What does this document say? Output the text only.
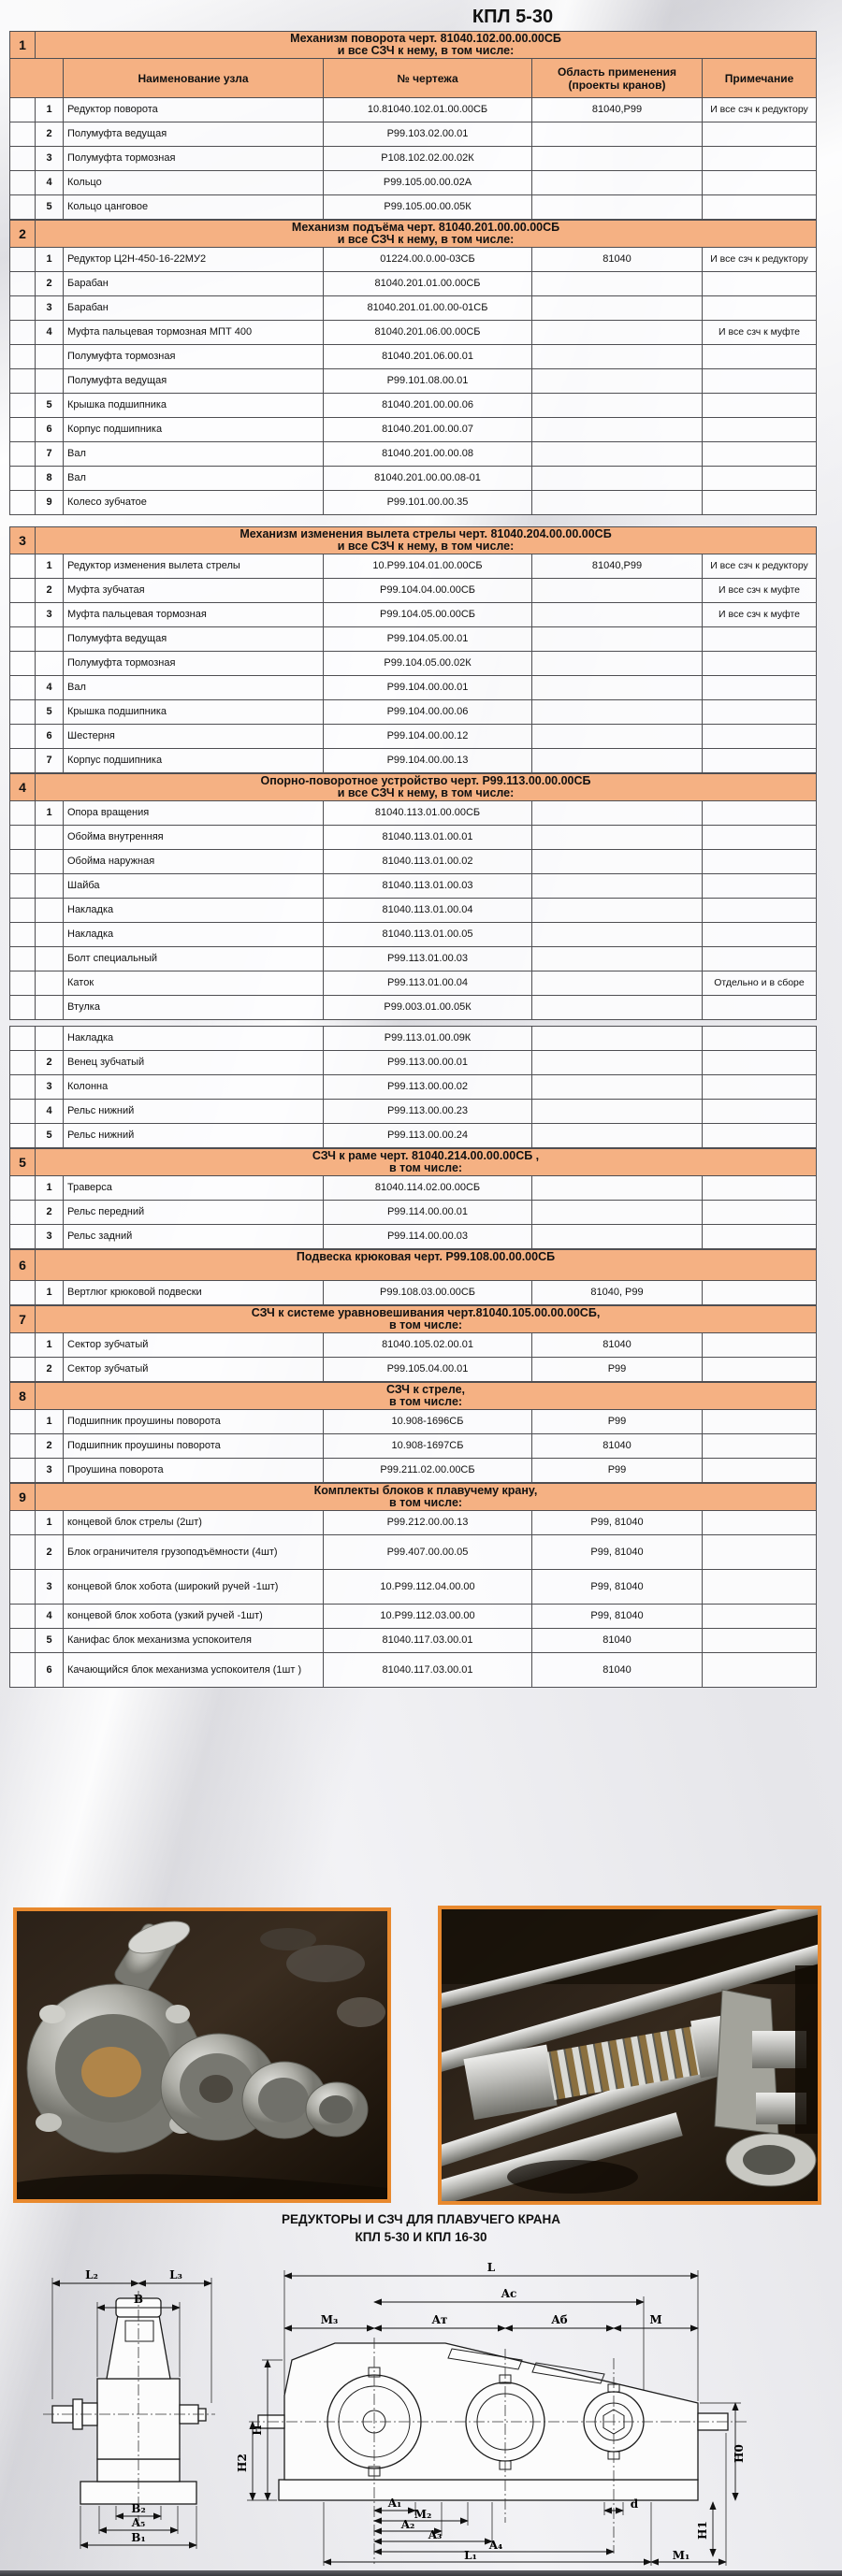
КПЛ 5-30
1	Механизм поворота черт. 81040.102.00.00.00СБ
и все СЗЧ к нему, в том числе:				

		Наименование узла	№ чертежа	Область применения
(проекты кранов)	Примечание
	1	Редуктор поворота	10.81040.102.01.00.00СБ	81040,Р99	И все сзч к редуктору
	2	Полумуфта ведущая	Р99.103.02.00.01		
	3	Полумуфта тормозная	Р108.102.02.00.02К		
	4	Кольцо	Р99.105.00.00.02А		
	5	Кольцо цанговое	Р99.105.00.00.05К		
2	Механизм подъёма черт. 81040.201.00.00.00СБ
и все СЗЧ к нему, в том числе:				

	1	Редуктор Ц2Н-450-16-22МУ2	01224.00.0.00-03СБ	81040	И все сзч к редуктору
	2	Барабан	81040.201.01.00.00СБ		
	3	Барабан	81040.201.01.00.00-01СБ		
	4	Муфта пальцевая тормозная МПТ 400	81040.201.06.00.00СБ		И все сзч к муфте
		Полумуфта тормозная	81040.201.06.00.01		
		Полумуфта ведущая	Р99.101.08.00.01		
	5	Крышка подшипника	81040.201.00.00.06		
	6	Корпус подшипника	81040.201.00.00.07		
	7	Вал	81040.201.00.00.08		
	8	Вал	81040.201.00.00.08-01		
	9	Колесо зубчатое	Р99.101.00.00.35		
3	Механизм изменения вылета стрелы черт. 81040.204.00.00.00СБ
и все СЗЧ к нему, в том числе:				

	1	Редуктор изменения вылета стрелы	10.Р99.104.01.00.00СБ	81040,Р99	И все сзч к редуктору
	2	Муфта зубчатая	Р99.104.04.00.00СБ		И все сзч к муфте
	3	Муфта пальцевая тормозная	Р99.104.05.00.00СБ		И все сзч к муфте
		Полумуфта ведущая	Р99.104.05.00.01		
		Полумуфта тормозная	Р99.104.05.00.02К		
	4	Вал	Р99.104.00.00.01		
	5	Крышка подшипника	Р99.104.00.00.06		
	6	Шестерня	Р99.104.00.00.12		
	7	Корпус подшипника	Р99.104.00.00.13		
4	Опорно-поворотное устройство черт. Р99.113.00.00.00СБ
и все СЗЧ к нему, в том числе:				

	1	Опора вращения	81040.113.01.00.00СБ		
		Обойма внутренняя	81040.113.01.00.01		
		Обойма наружная	81040.113.01.00.02		
		Шайба	81040.113.01.00.03		
		Накладка	81040.113.01.00.04		
		Накладка	81040.113.01.00.05		
		Болт специальный	Р99.113.01.00.03		
		Каток	Р99.113.01.00.04		Отдельно и в сборе
		Втулка	Р99.003.01.00.05К		
		Накладка	Р99.113.01.00.09К		
	2	Венец зубчатый	Р99.113.00.00.01		
	3	Колонна	Р99.113.00.00.02		
	4	Рельс нижний	Р99.113.00.00.23		
	5	Рельс нижний	Р99.113.00.00.24		
5	СЗЧ к раме черт. 81040.214.00.00.00СБ ,
в том числе:				

	1	Траверса	81040.114.02.00.00СБ		
	2	Рельс передний	Р99.114.00.00.01		
	3	Рельс задний	Р99.114.00.00.03		
6	Подвеска крюковая черт. Р99.108.00.00.00СБ				

	1	Вертлюг крюковой подвески	Р99.108.03.00.00СБ	81040, Р99	
7	СЗЧ к системе уравновешивания черт.81040.105.00.00.00СБ,
в том числе:				

	1	Сектор зубчатый	81040.105.02.00.01	81040	
	2	Сектор зубчатый	Р99.105.04.00.01	Р99	
8	СЗЧ к стреле,
в том числе:				

	1	Подшипник проушины поворота	10.908-1696СБ	Р99	
	2	Подшипник проушины поворота	10.908-1697СБ	81040	
	3	Проушина поворота	Р99.211.02.00.00СБ	Р99	
9	Комплекты блоков к плавучему крану,
в том числе:				

	1	концевой блок стрелы (2шт)	Р99.212.00.00.13	Р99, 81040	
	2	Блок ограничителя грузоподъёмности (4шт)	Р99.407.00.00.05	Р99, 81040	
	3	концевой блок хобота (широкий ручей -1шт)	10.Р99.112.04.00.00	Р99, 81040	
	4	концевой блок хобота (узкий ручей -1шт)	10.Р99.112.03.00.00	Р99, 81040	
	5	Канифас блок механизма успокоителя	81040.117.03.00.01	81040	
	6	Качающийся блок механизма успокоителя (1шт )	81040.117.03.00.01	81040	
РЕДУКТОРЫ И СЗЧ ДЛЯ ПЛАВУЧЕГО КРАНА
КПЛ 5-30 И КПЛ 16-30
L₂	L₃
B
B₂
A₅
B₁
L
Aс
M₃	Aт	Aб	M
H
H2
H0
H1
d
A₁
M₂
A₂
A₃
A₄
L₁	M₁
